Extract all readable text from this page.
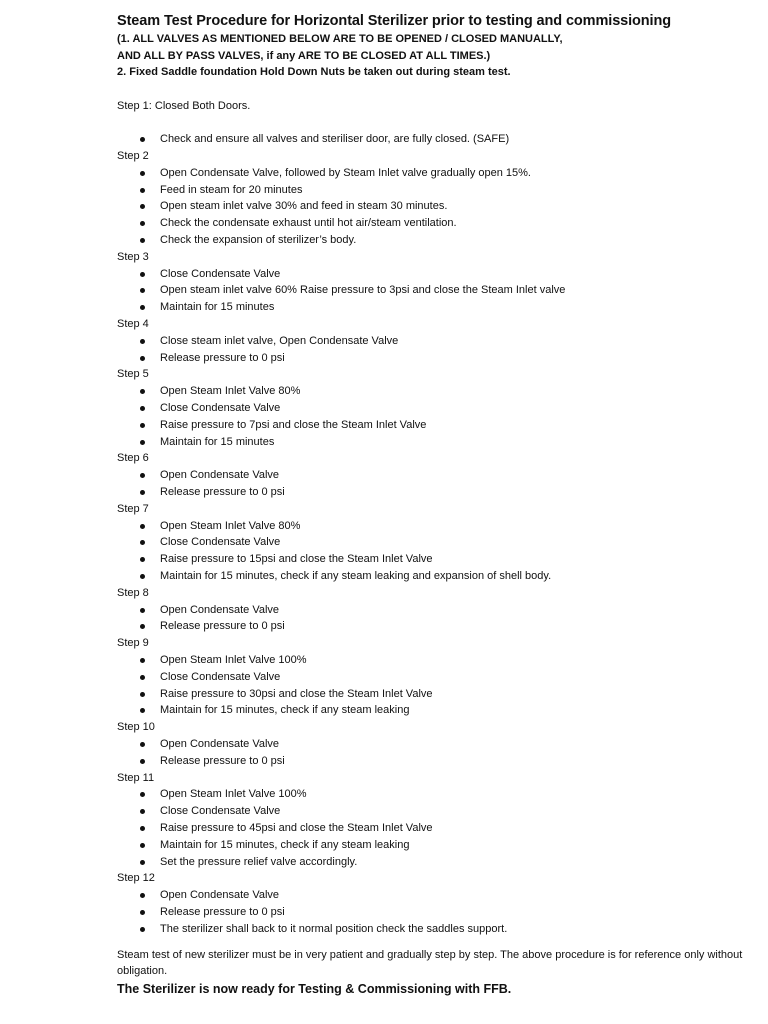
Steam Test Procedure for Horizontal Sterilizer prior to testing and commissioning
(1. ALL VALVES AS MENTIONED BELOW ARE TO BE OPENED / CLOSED MANUALLY,
AND ALL BY PASS VALVES, if any ARE TO BE CLOSED AT ALL TIMES.)
2. Fixed Saddle foundation Hold Down Nuts be taken out during steam test.
Step 1: Closed Both Doors.
Check and ensure all valves and steriliser door, are fully closed. (SAFE)
Step 2
Open Condensate Valve, followed by Steam Inlet valve gradually open 15%.
Feed in steam for 20 minutes
Open steam inlet valve 30% and feed in steam 30 minutes.
Check the condensate exhaust until hot air/steam ventilation.
Check the expansion of sterilizer’s body.
Step 3
Close Condensate Valve
Open steam inlet valve 60% Raise pressure to 3psi and close the Steam Inlet valve
Maintain for 15 minutes
Step 4
Close steam inlet valve, Open Condensate Valve
Release pressure to 0 psi
Step 5
Open Steam Inlet Valve 80%
Close Condensate Valve
Raise pressure to 7psi and close the Steam Inlet Valve
Maintain for 15 minutes
Step 6
Open Condensate Valve
Release pressure to 0 psi
Step 7
Open Steam Inlet Valve 80%
Close Condensate Valve
Raise pressure to 15psi and close the Steam Inlet Valve
Maintain for 15 minutes, check if any steam leaking and expansion of shell body.
Step 8
Open Condensate Valve
Release pressure to 0 psi
Step 9
Open Steam Inlet Valve 100%
Close Condensate Valve
Raise pressure to 30psi and close the Steam Inlet Valve
Maintain for 15 minutes, check if any steam leaking
Step 10
Open Condensate Valve
Release pressure to 0 psi
Step 11
Open Steam Inlet Valve 100%
Close Condensate Valve
Raise pressure to 45psi and close the Steam Inlet Valve
Maintain for 15 minutes, check if any steam leaking
Set the pressure relief valve accordingly.
Step 12
Open Condensate Valve
Release pressure to 0 psi
The sterilizer shall back to it normal position check the saddles support.
Steam test of new sterilizer must be in very patient and gradually step by step. The above procedure is for reference only without obligation.
The Sterilizer is now ready for Testing & Commissioning with FFB.
